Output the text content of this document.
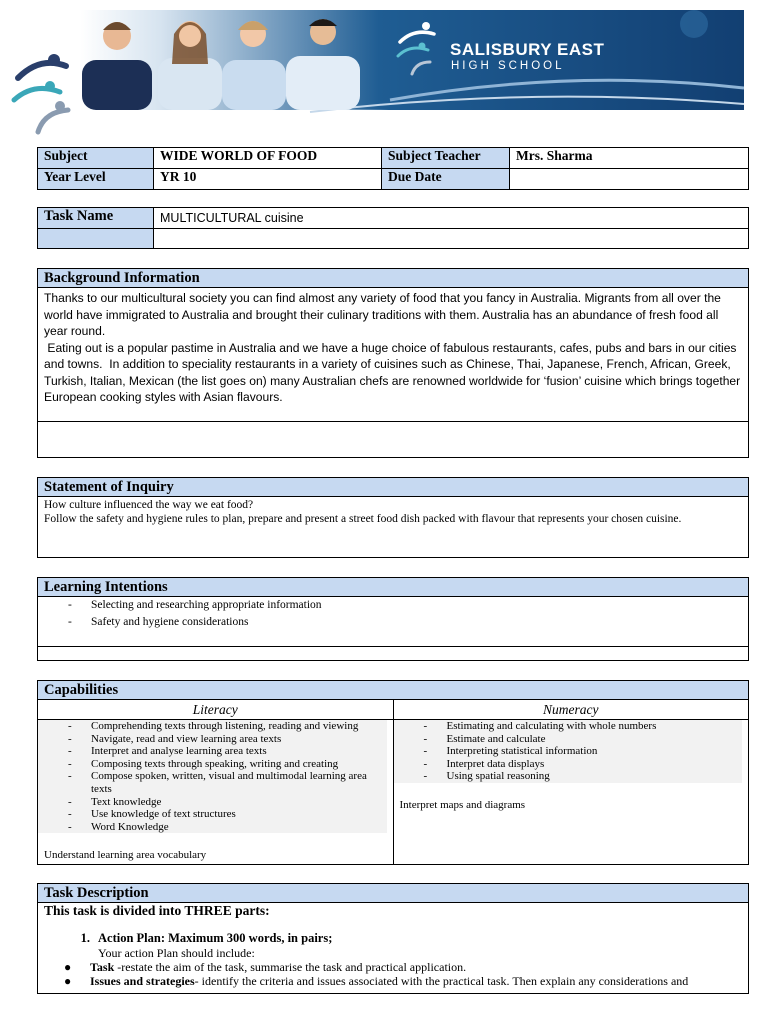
SALISBURY EAST
HIGH SCHOOL
Subject	WIDE WORLD OF FOOD	Subject Teacher	Mrs. Sharma
Year Level	YR 10	Due Date	
Task Name	MULTICULTURAL cuisine

Background Information

Thanks to our multicultural society you can find almost any variety of food that you fancy in Australia. Migrants from all over the world have immigrated to Australia and brought their culinary traditions with them. Australia has an abundance of fresh food all year round.

Eating out is a popular pastime in Australia and we have a huge choice of fabulous restaurants, cafes, pubs and bars in our cities and towns.  In addition to speciality restaurants in a variety of cuisines such as Chinese, Thai, Japanese, French, African, Greek, Turkish, Italian, Mexican (the list goes on) many Australian chefs are renowned worldwide for ‘fusion’ cuisine which brings together European cooking styles with Asian flavours.

Statement of Inquiry

How culture influenced the way we eat food?

Follow the safety and hygiene rules to plan, prepare and present a street food dish packed with flavour that represents your chosen cuisine.

Learning Intentions
- Selecting and researching appropriate information
- Safety and hygiene considerations
Capabilities
Literacy
- Comprehending texts through listening, reading and viewing
- Navigate, read and view learning area texts
- Interpret and analyse learning area texts
- Composing texts through speaking, writing and creating
- Compose spoken, written, visual and multimodal learning area texts
- Text knowledge
- Use knowledge of text structures
- Word Knowledge
Understand learning area vocabulary
Numeracy
- Estimating and calculating with whole numbers
- Estimate and calculate
- Interpreting statistical information
- Interpret data displays
- Using spatial reasoning
Interpret maps and diagrams
Task Description
This task is divided into THREE parts:
1. Action Plan: Maximum 300 words, in pairs;
Your action Plan should include:
●	Task -restate the aim of the task, summarise the task and practical application.
●	Issues and strategies- identify the criteria and issues associated with the practical task. Then explain any considerations and
